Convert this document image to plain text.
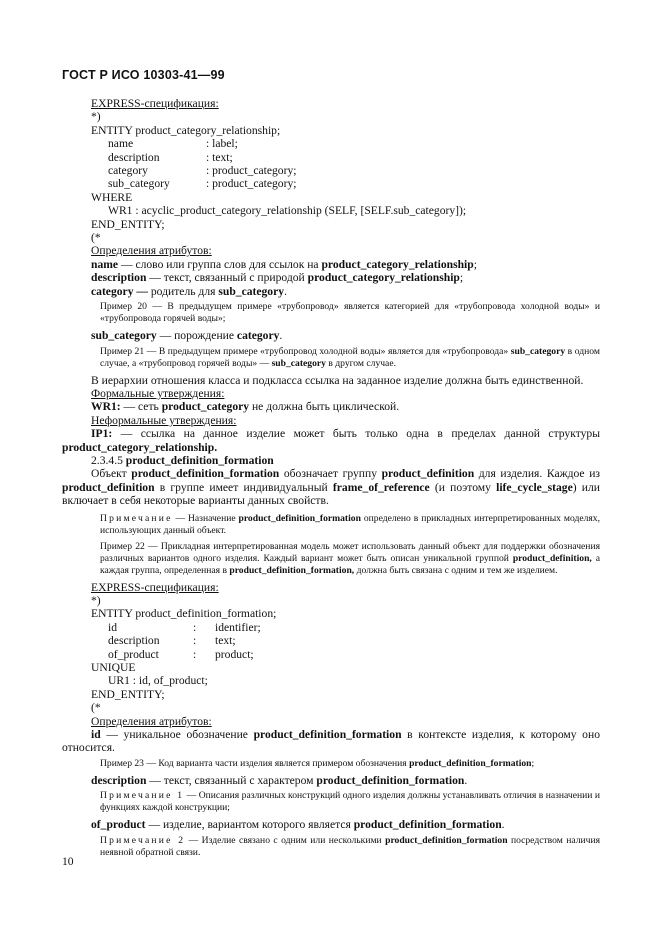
ГОСТ Р ИСО 10303-41—99

EXPRESS-спецификация:

*)

ENTITY product_category_relationship;

name	: label;
description	: text;
category	: product_category;
sub_category	: product_category;

WHERE

WR1 : acyclic_product_category_relationship (SELF, [SELF.sub_category]);

END_ENTITY;

(*

Определения атрибутов:

name — слово или группа слов для ссылок на product_category_relationship;

description — текст, связанный с природой product_category_relationship;

category — родитель для sub_category.

Пример 20 — В предыдущем примере «трубопровод» является категорией для «трубопровода холодной воды» и «трубопровода горячей воды»;

sub_category — порождение category.

Пример 21 — В предыдущем примере «трубопровод холодной воды» является для «трубопровода» sub_category в одном случае, а «трубопровод горячей воды» — sub_category в другом случае.

В иерархии отношения класса и подкласса ссылка на заданное изделие должна быть единственной.

Формальные утверждения:

WR1: — сеть product_category не должна быть циклической.

Неформальные утверждения:

IP1: — ссылка на данное изделие может быть только одна в пределах данной структуры product_category_relationship.

2.3.4.5 product_definition_formation

Объект product_definition_formation обозначает группу product_definition для изделия. Каждое из product_definition в группе имеет индивидуальный frame_of_reference (и поэтому life_cycle_stage) или включает в себя некоторые варианты данных свойств.

Примечание — Назначение product_definition_formation определено в прикладных интерпретированных моделях, использующих данный объект.

Пример 22 — Прикладная интерпретированная модель может использовать данный объект для поддержки обозначения различных вариантов одного изделия. Каждый вариант может быть описан уникальной группой product_definition, а каждая группа, определенная в product_definition_formation, должна быть связана с одним и тем же изделием.

EXPRESS-спецификация:

*)

ENTITY product_definition_formation;

id	: identifier;
description	: text;
of_product	: product;

UNIQUE

UR1 : id, of_product;

END_ENTITY;

(*

Определения атрибутов:

id — уникальное обозначение product_definition_formation в контексте изделия, к которому оно относится.

Пример 23 — Код варианта части изделия является примером обозначения product_definition_formation;

description — текст, связанный с характером product_definition_formation.

Примечание 1 — Описания различных конструкций одного изделия должны устанавливать отличия в назначении и функциях каждой конструкции;

of_product — изделие, вариантом которого является product_definition_formation.

Примечание 2 — Изделие связано с одним или несколькими product_definition_formation посредством наличия неявной обратной связи.

10
